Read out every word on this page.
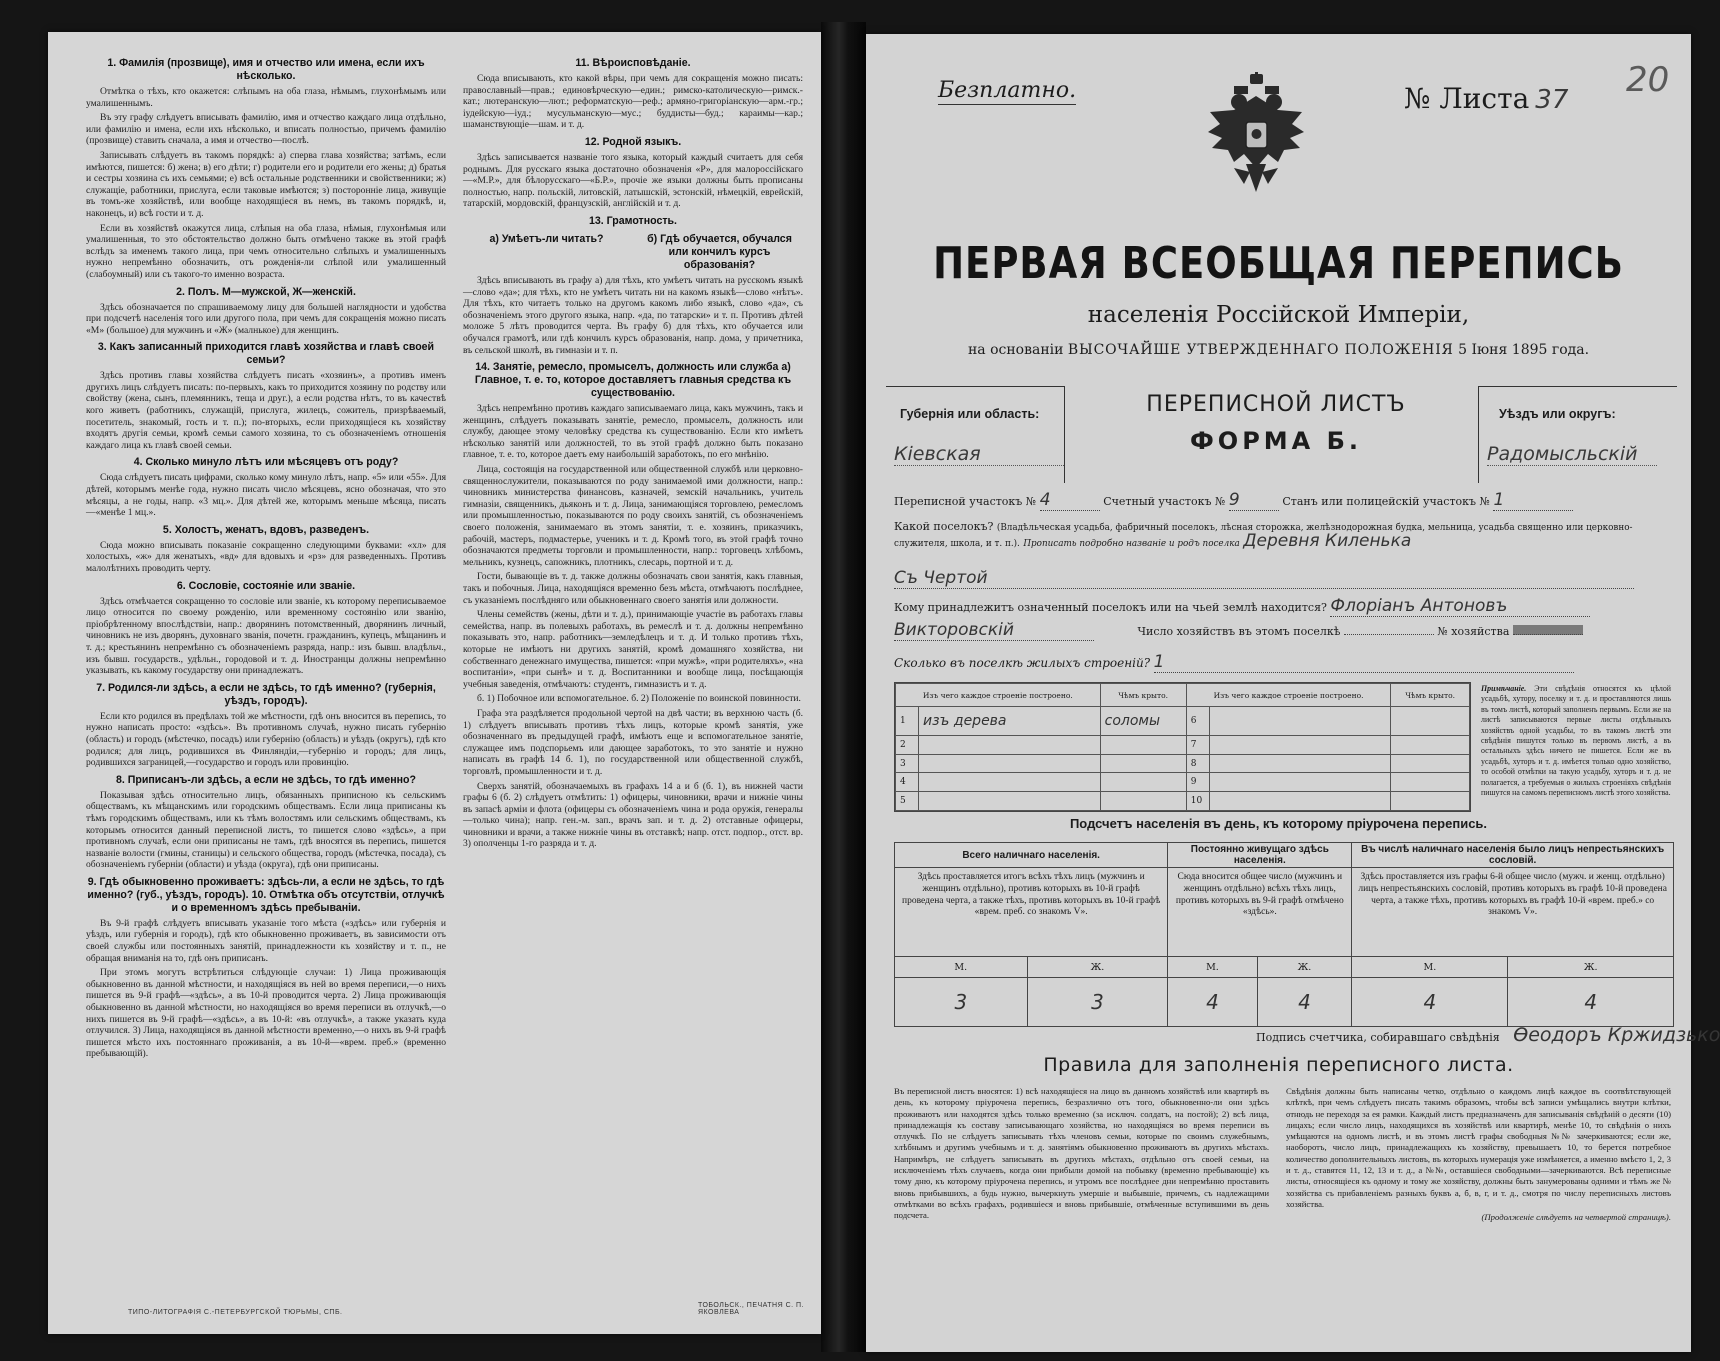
1. Фамилія (прозвище), имя и отчество или имена, если ихъ нѣсколько.

Отмѣтка о тѣхъ, кто окажется: слѣпымъ на оба глаза, нѣмымъ, глухонѣмымъ или умалишеннымъ.

Въ эту графу слѣдуетъ вписывать фамилію, имя и отчество каждаго лица отдѣльно, или фамилію и имена, если ихъ нѣсколько, и вписать полностью, причемъ фамилію (прозвище) ставить сначала, а имя и отчество—послѣ.

Записывать слѣдуетъ въ такомъ порядкѣ: а) сперва глава хозяйства; затѣмъ, если имѣются, пишется: б) жена; в) его дѣти; г) родители его и родители его жены; д) братья и сестры хозяина съ ихъ семьями; е) всѣ остальные родственники и свойственники; ж) служащіе, работники, прислуга, если таковые имѣются; з) посторонніе лица, живущіе въ томъ-же хозяйствѣ, или вообще находящіеся въ немъ, въ такомъ порядкѣ, и, наконецъ, и) всѣ гости и т. д.

Если въ хозяйствѣ окажутся лица, слѣпыя на оба глаза, нѣмыя, глухонѣмыя или умалишенныя, то это обстоятельство должно быть отмѣчено также въ этой графѣ вслѣдъ за именемъ такого лица, при чемъ относительно слѣпыхъ и умалишенныхъ нужно непремѣнно обозначить, отъ рожденія-ли слѣпой или умалишенный (слабоумный) или съ такого-то именно возраста.

2. Полъ. М—мужской, Ж—женскій.

Здѣсь обозначается по спрашиваемому лицу для большей наглядности и удобства при подсчетѣ населенія того или другого пола, при чемъ для сокращенія можно писать «М» (большое) для мужчинъ и «Ж» (малнькое) для женщинъ.

3. Какъ записанный приходится главѣ хозяйства и главѣ своей семьи?

Здѣсь противъ главы хозяйства слѣдуетъ писать «хозяинъ», а противъ именъ другихъ лицъ слѣдуетъ писать: по-первыхъ, какъ то приходится хозяину по родству или свойству (жена, сынъ, племянникъ, теща и друг.), а если родства нѣтъ, то въ качествѣ кого живетъ (работникъ, служащій, прислуга, жилецъ, сожитель, призрѣваемый, посетитель, знакомый, гость и т. п.); по-вторыхъ, если приходящіеся къ хозяйству входятъ другія семьи, кромѣ семьи самого хозяина, то съ обозначеніемъ отношенія каждаго лица къ главѣ своей семьи.

4. Сколько минуло лѣтъ или мѣсяцевъ отъ роду?

Сюда слѣдуетъ писать цифрами, сколько кому минуло лѣтъ, напр. «5» или «55». Для дѣтей, которымъ менѣе года, нужно писать число мѣсяцевъ, ясно обозначая, что это мѣсяцы, а не годы, напр. «3 мц.». Для дѣтей же, которымъ меньше мѣсяца, писать—«менѣе 1 мц.».

5. Холостъ, женатъ, вдовъ, разведенъ.

Сюда можно вписывать показаніе сокращенно следующими буквами: «хл» для холостыхъ, «ж» для женатыхъ, «вд» для вдовыхъ и «рз» для разведенныхъ. Противъ малолѣтнихъ проводить черту.

6. Сословіе, состояніе или званіе.

Здѣсь отмѣчается сокращенно то сословіе или званіе, къ которому переписываемое лицо относится по своему рожденію, или временному состоянію или званію, пріобрѣтенному впослѣдствіи, напр.: дворянинъ потомственный, дворянинъ личный, чиновникъ не изъ дворянъ, духовнаго званія, почетн. гражданинъ, купецъ, мѣщанинъ и т. д.; крестьянинъ непремѣнно съ обозначеніемъ разряда, напр.: изъ бывш. владѣльч., изъ бывш. государств., удѣльн., городовой и т. д. Иностранцы должны непремѣнно указывать, къ какому государству они принадлежатъ.

7. Родился-ли здѣсь, а если не здѣсь, то гдѣ именно? (губернія, уѣздъ, городъ).

Если кто родился въ предѣлахъ той же мѣстности, гдѣ онъ вносится въ перепись, то нужно написать просто: «здѣсь». Въ противномъ случаѣ, нужно писать губернію (область) и городъ (мѣстечко, посадъ) или губернію (область) и уѣздъ (округъ), гдѣ кто родился; для лицъ, родившихся въ Финляндіи,—губернію и городъ; для лицъ, родившихся заграницей,—государство и городъ или провинцію.

8. Приписанъ-ли здѣсь, а если не здѣсь, то гдѣ именно?

Показывая здѣсь относительно лицъ, обязанныхъ приписною къ сельскимъ обществамъ, къ мѣщанскимъ или городскимъ обществамъ. Если лица приписаны къ тѣмъ городскимъ обществамъ, или къ тѣмъ волостямъ или сельскимъ обществамъ, къ которымъ относится данный переписной листъ, то пишется слово «здѣсь», а при противномъ случаѣ, если они приписаны не тамъ, гдѣ вносятся въ перепись, пишется названіе волости (гмины, станицы) и сельского общества, городъ (мѣстечка, посада), съ обозначеніемъ губерніи (области) и уѣзда (округа), гдѣ они приписаны.

9. Гдѣ обыкновенно проживаетъ: здѣсь-ли, а если не здѣсь, то гдѣ именно? (губ., уѣздъ, городъ). 10. Отмѣтка объ отсутствіи, отлучкѣ и о временномъ здѣсь пребываніи.

Въ 9-й графѣ слѣдуетъ вписывать указаніе того мѣста («здѣсь» или губернія и уѣздъ, или губернія и городъ), гдѣ кто обыкновенно проживаетъ, въ зависимости отъ своей службы или постоянныхъ занятій, принадлежности къ хозяйству и т. п., не обращая вниманія на то, гдѣ онъ приписанъ.

При этомъ могутъ встрѣтиться слѣдующіе случаи: 1) Лица проживающія обыкновенно въ данной мѣстности, и находящіяся въ ней во время переписи,—о нихъ пишется въ 9-й графѣ—«здѣсь», а въ 10-й проводится черта. 2) Лица проживающія обыкновенно въ данной мѣстности, но находящіяся во время переписи въ отлучкѣ,—о нихъ пишется въ 9-й графѣ—«здѣсь», а въ 10-й: «въ отлучкѣ», а также указать куда отлучился. 3) Лица, находящіяся въ данной мѣстности временно,—о нихъ въ 9-й графѣ пишется мѣсто ихъ постояннаго проживанія, а въ 10-й—«врем. преб.» (временно пребывающій).

11. Вѣроисповѣданіе.

Сюда вписывають, кто какой вѣры, при чемъ для сокращенія можно писать: православный—прав.; единовѣрческую—един.; римско-католическую—римск.-кат.; лютеранскую—лют.; реформатскую—реф.; армяно-григоріанскую—арм.-гр.; іудейскую—іуд.; мусульманскую—мус.; буддисты—буд.; караимы—кар.; шаманствующіе—шам. и т. д.

12. Родной языкъ.

Здѣсь записывается названіе того языка, который каждый считаетъ для себя роднымъ. Для русскаго языка достаточно обозначенія «Р», для малороссійскаго—«М.Р.», для бѣлорусскаго—«Б.Р.», прочіе же языки должны быть прописаны полностью, напр. польскій, литовскій, латышскій, эстонскій, нѣмецкій, еврейскій, татарскій, мордовскій, французскій, англійскій и т. д.

13. Грамотность.
а) Умѣетъ-ли читать?	б) Гдѣ обучается, обучался или кончилъ курсъ образованія?

Здѣсь вписывають въ графу а) для тѣхъ, кто умѣетъ читать на русскомъ языкѣ—слово «да»; для тѣхъ, кто не умѣетъ читать ни на какомъ языкѣ—слово «нѣтъ». Для тѣхъ, кто читаетъ только на другомъ какомъ либо языкѣ, слово «да», съ обозначеніемъ этого другого языка, напр. «да, по татарски» и т. п. Противъ дѣтей моложе 5 лѣтъ проводится черта. Въ графу б) для тѣхъ, кто обучается или обучался грамотѣ, или гдѣ кончилъ курсъ образованія, напр. дома, у причетника, въ сельской школѣ, въ гимназіи и т. п.

14. Занятіе, ремесло, промыселъ, должность или служба а) Главное, т. е. то, которое доставляетъ главныя средства къ существованію.

Здѣсь непремѣнно противъ каждаго записываемаго лица, какъ мужчинъ, такъ и женщинъ, слѣдуетъ показывать занятіе, ремесло, промыселъ, должность или службу, дающее этому человѣку средства къ существованію. Если кто имѣетъ нѣсколько занятій или должностей, то въ этой графѣ должно быть показано главное, т. е. то, которое даетъ ему наибольшій заработокъ, по его мнѣнію.

Лица, состоящія на государственной или общественной службѣ или церковно-священнослужители, показываются по роду занимаемой ими должности, напр.: чиновникъ министерства финансовъ, казначей, земскій начальникъ, учитель гимназіи, священникъ, дьяконъ и т. д. Лица, занимающіяся торговлею, ремесломъ или промышленностью, показываются по роду своихъ занятій, съ обозначеніемъ своего положенія, занимаемаго въ этомъ занятіи, т. е. хозяинъ, приказчикъ, рабочій, мастеръ, подмастерье, ученикъ и т. д. Кромѣ того, въ этой графѣ точно обозначаются предметы торговли и промышленности, напр.: торговецъ хлѣбомъ, мельникъ, кузнецъ, сапожникъ, плотникъ, слесарь, портной и т. д.

Гости, бывающіе въ т. д. также должны обозначать свои занятія, какъ главныя, такъ и побочныя. Лица, находящіяся временно безъ мѣста, отмѣчаютъ послѣднее, съ указаніемъ послѣдняго или обыкновеннаго своего занятія или должности.

Члены семействъ (жены, дѣти и т. д.), принимающіе участіе въ работахъ главы семейства, напр. въ полевыхъ работахъ, въ ремеслѣ и т. д. должны непремѣнно показывать это, напр. работникъ—земледѣлецъ и т. д. И только противъ тѣхъ, которые не имѣютъ ни другихъ занятій, кромѣ домашняго хозяйства, ни собственнаго денежнаго имущества, пишется: «при мужѣ», «при родителяхъ», «на воспитаніи», «при сынѣ» и т. д. Воспитанники и вообще лица, посѣщающія учебныя заведенія, отмѣчаютъ: студентъ, гимназистъ и т. д.

б. 1) Побочное или вспомогательное. б. 2) Положеніе по воинской повинности.

Графа эта раздѣляется продольной чертой на двѣ части; въ верхнюю часть (б. 1) слѣдуетъ вписывать противъ тѣхъ лицъ, которые кромѣ занятія, уже обозначеннаго въ предыдущей графѣ, имѣютъ еще и вспомогательное занятіе, служащее имъ подспорьемъ или дающее заработокъ, то это занятіе и нужно написать въ графѣ 14 б. 1), по государственной или общественной службѣ, торговлѣ, промышленности и т. д.

Сверхъ занятій, обозначаемыхъ въ графахъ 14 а и б (б. 1), въ нижней части графы 6 (б. 2) слѣдуетъ отмѣтить: 1) офицеры, чиновники, врачи и нижніе чины въ запасѣ арміи и флота (офицеры съ обозначеніемъ чина и рода оружія, генералы—только чина); напр. ген.-м. зап., врачъ зап. и т. д. 2) отставные офицеры, чиновники и врачи, а также нижніе чины въ отставкѣ; напр. отст. подпор., отст. вр. 3) ополченцы 1-го разряда и т. д.

ТИПО-ЛИТОГРАФІЯ С.-ПЕТЕРБУРГСКОЙ ТЮРЬМЫ, СПБ.
ТОБОЛЬСК., ПЕЧАТНЯ С. П. ЯКОВЛЕВА
Безплатно.	№ Листа 37 20
ПЕРВАЯ ВСЕОБЩАЯ ПЕРЕПИСЬ
населенія Россійской Имперіи,
на основаніи ВЫСОЧАЙШЕ УТВЕРЖДЕННАГО ПОЛОЖЕНІЯ 5 Іюня 1895 года.
Губернія или область:
Кіевская
ПЕРЕПИСНОЙ ЛИСТЪ
ФОРМА Б.
Уѣздъ или округъ:
Радомысльскій
Переписной участокъ № 4	Счетный участокъ № 9	Станъ или полицейскій участокъ № 1
Какой поселокъ? (Владѣльческая усадьба, фабричный поселокъ, лѣсная сторожка, желѣзнодорожная будка, мельница, усадьба священно или церковно-служителя, школа, и т. п.). Прописать подробно названіе и родъ поселка Деревня Киленька
Съ Чертой
Кому принадлежитъ означенный поселокъ или на чьей землѣ находится? Флоріанъ Антоновъ
Викторовскій	Число хозяйствъ въ этомъ поселкѣ	№ хозяйства
Сколько въ поселкѣ жилыхъ строеній? 1
Изъ чего каждое строеніе построено.		Чѣмъ крыто.	Изъ чего каждое строеніе построено.		Чѣмъ крыто.
1	изъ дерева	соломы	6		
2			7		
3			8		
4			9		
5			10		
Примѣчаніе. Эти свѣдѣнія относятся къ цѣлой усадьбѣ, хутору, поселку и т. д. и проставляются лишь въ томъ листѣ, который заполненъ первымъ. Если же на листѣ записываются первые листы отдѣльныхъ хозяйствъ одной усадьбы, то въ такомъ листѣ эти свѣдѣнія пишутся только въ первомъ листѣ, а въ остальныхъ здѣсь ничего не пишется. Если же въ усадьбѣ, хуторъ и т. д. имѣется только одно хозяйство, то особой отмѣтки на такую усадьбу, хуторъ и т. д. не полагается, а требуемыя о жилыхъ строеніяхъ свѣдѣнія пишутся на самомъ переписномъ листѣ этого хозяйства.
Подсчетъ населенія въ день, къ которому пріурочена перепись.
Всего наличнаго населенія.		Постоянно живущаго здѣсь населенія.		Въ числѣ наличнаго населенія было лицъ непрестьянскихъ сословій.	
Здѣсь проставляется итогъ всѣхъ тѣхъ лицъ (мужчинъ и женщинъ отдѣльно), противъ которыхъ въ 10-й графѣ проведена черта, а также тѣхъ, противъ которыхъ въ 10-й графѣ «врем. преб. со знакомъ V».		Сюда вносится общее число (мужчинъ и женщинъ отдѣльно) всѣхъ тѣхъ лицъ, противъ которыхъ въ 9-й графѣ отмѣчено «здѣсь».		Здѣсь проставляется изъ графы 6-й общее число (мужч. и женщ. отдѣльно) лицъ непрестьянскихъ сословій, противъ которыхъ въ графѣ 10-й проведена черта, а также тѣхъ, противъ которыхъ въ графѣ 10-й «врем. преб.» со знакомъ V».	
М.	Ж.	М.	Ж.	М.	Ж.
3	3	4	4	4	4
Подпись счетчика, собиравшаго свѣдѣнія Ѳеодоръ Кржидзько
Правила для заполненія переписного листа.
Въ переписной листъ вносятся: 1) всѣ находящіеся на лицо въ данномъ хозяйствѣ или квартирѣ въ день, къ которому пріурочена перепись, безразлично отъ того, обыкновенно-ли они здѣсь проживаютъ или находятся здѣсь только временно (за исключ. солдатъ, на постой); 2) всѣ лица, принадлежащія къ составу записывающаго хозяйства, но находящіяся во время переписи въ отлучкѣ. По не слѣдуетъ записывать тѣхъ членовъ семьи, которые по своимъ служебнымъ, хлѣбнымъ и другимъ учебнымъ и т. д. занятіямъ обыкновенно проживаютъ въ другихъ мѣстахъ. Напримѣръ, не слѣдуетъ записывать въ другихъ мѣстахъ, отдѣльно отъ своей семьи, на исключеніемъ тѣхъ случаевъ, когда они прибыли домой на побывку (временно пребывающіе) къ тому дню, къ которому пріурочена перепись, и утромъ все послѣднее дни непремѣнно проставить вновь прибывшихъ, а будь нужно, вычеркнуть умершіе и выбывшіе, причемъ, съ надлежащими отмѣтками во всѣхъ графахъ, родившіеся и вновь прибывшіе, отмѣченные вступившими въ день подсчета.
Свѣдѣнія должны быть написаны четко, отдѣльно о каждомъ лицѣ каждое въ соотвѣтствующей клѣткѣ, при чемъ слѣдуетъ писать такимъ образомъ, чтобы всѣ записи умѣщались внутри клѣтки, отнюдь не переходя за ея рамки. Каждый листъ предназначенъ для записыванія свѣдѣній о десяти (10) лицахъ; если число лицъ, находящихся въ хозяйствѣ или квартирѣ, менѣе 10, то свѣдѣнія о нихъ умѣщаются на одномъ листѣ, и въ этомъ листѣ графы свободныя №№ зачеркиваются; если же, наоборотъ, число лицъ, принадлежащихъ къ хозяйству, превышаетъ 10, то берется потребное количество дополнительныхъ листовъ, въ которыхъ нумерація уже измѣняется, а именно вмѣсто 1, 2, 3 и т. д., ставятся 11, 12, 13 и т. д., а №№, оставшіеся свободными—зачеркиваются. Всѣ переписные листы, относящіеся къ одному и тому же хозяйству, должны быть занумерованы одними и тѣмъ же № хозяйства съ прибавленіемъ разныхъ буквъ а, б, в, г, и т. д., смотря по числу переписныхъ листовъ хозяйства.
(Продолженіе слѣдуетъ на четвертой страницѣ).
